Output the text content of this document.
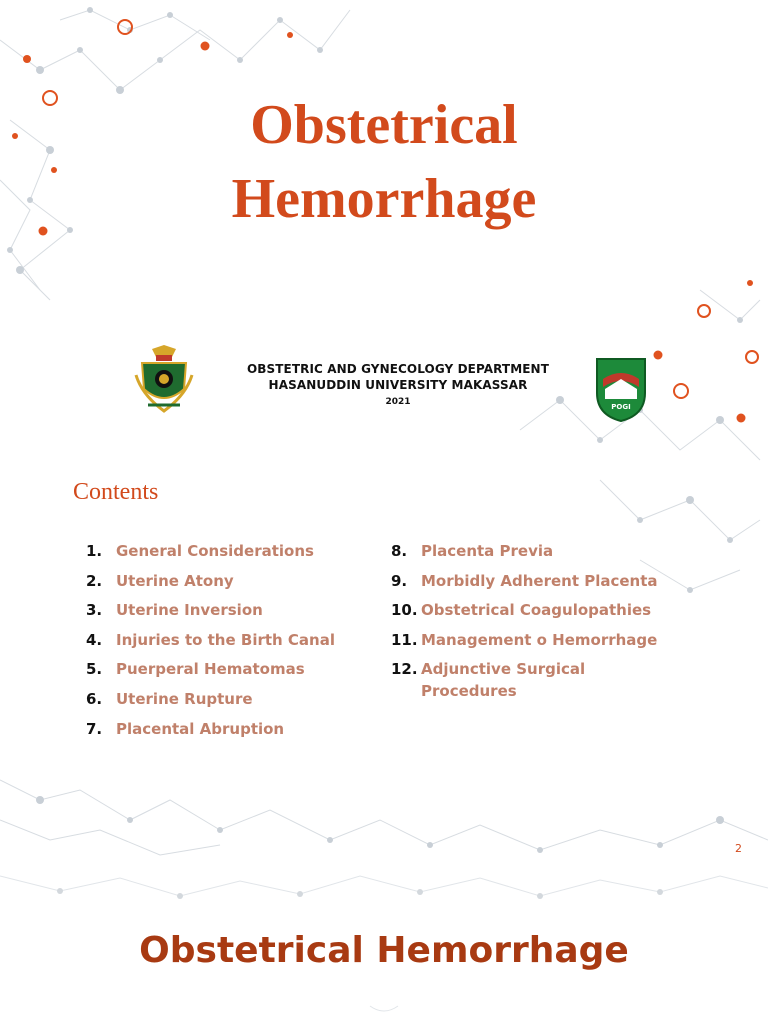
Obstetrical
Hemorrhage
OBSTETRIC AND GYNECOLOGY DEPARTMENT
HASANUDDIN UNIVERSITY MAKASSAR
2021	POGI
Contents
1. General Considerations
2. Uterine Atony
3. Uterine Inversion
4. Injuries to the Birth Canal
5. Puerperal Hematomas
6. Uterine Rupture
7. Placental Abruption
8. Placenta Previa
9. Morbidly Adherent Placenta
10. Obstetrical Coagulopathies
11. Management o Hemorrhage
12. Adjunctive Surgical Procedures
2
Obstetrical Hemorrhage
